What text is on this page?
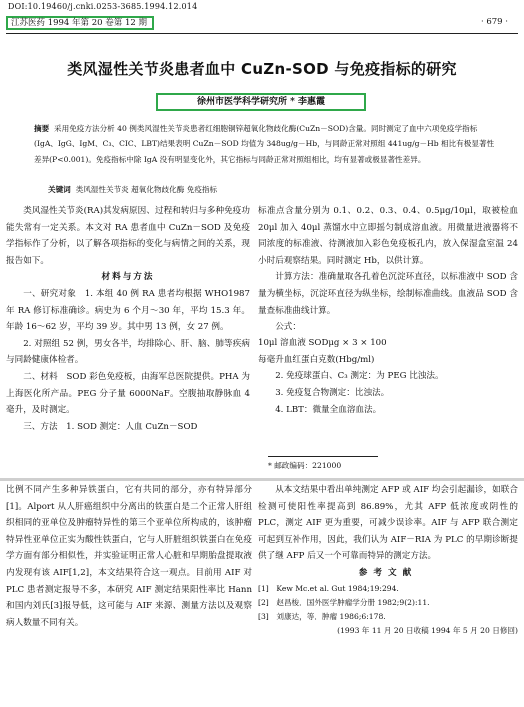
DOI:10.19460/j.cnki.0253-3685.1994.12.014
江苏医药 1994 年第 20 卷第 12 期	· 679 ·
类风湿性关节炎患者血中 CuZn-SOD 与免疫指标的研究
徐州市医学科学研究所 * 李惠霞
摘要 采用免疫方法分析 40 例类风湿性关节炎患者红细胞铜锌超氧化物歧化酶(CuZn－SOD)含量。同时测定了血中六项免疫学指标(IgA、IgG、IgM、C₃、CIC、LBT)结果表明 CuZn－SOD 均值为 348ug/g－Hb，与同龄正常对照组 441ug/g－Hb 相比有极显著性差异(P<0.001)。免疫指标中除 IgA 没有明显变化外，其它指标与同龄正常对照组相比，均有显著或极显著性差异。
关键词 类风湿性关节炎 超氧化物歧化酶 免疫指标

类风湿性关节炎(RA)其发病原因、过程和转归与多种免疫功能失常有一定关系。本文对 RA 患者血中 CuZn－SOD 及免疫学指标作了分析，以了解各项指标的变化与病情之间的关系，现报告如下。

材料与方法

一、研究对象　1. 本组 40 例 RA 患者均根据 WHO1987 年 RA 修订标准确诊。病史为 6 个月～30 年，平均 15.3 年。年龄 16～62 岁，平均 39 岁。其中男 13 例，女 27 例。

2. 对照组 52 例，男女各半，均排除心、肝、脑、肺等疾病与同龄健康体检者。

二、材料　SOD 彩色免疫板，由海军总医院提供。PHA 为上海医化所产品。PEG 分子量 6000NaF。空腹抽取静脉血 4 毫升，及时测定。

三、方法　1. SOD 测定：人血 CuZn－SOD

标准点含量分别为 0.1、0.2、0.3、0.4、0.5μg/10μl，取被检血 20μl 加入 40μl 蒸馏水中立即摇匀制成溶血液。用微量进液器将不同浓度的标准液、待测液加入彩色免疫板孔内，放入保湿盒室温 24 小时后观察结果。同时测定 Hb，以供计算。

计算方法：准确量取各孔着色沉淀环直径，以标准液中 SOD 含量为横坐标，沉淀环直径为纵坐标，绘制标准曲线。血液品 SOD 含量查标准曲线计算。

公式：

10μl 溶血液 SODμg × 3 × 100
每毫升血红蛋白克数(Hbg/ml)

2. 免疫球蛋白、C₃ 测定：为 PEG 比浊法。

3. 免疫复合物测定：比浊法。

4. LBT：微量全血溶血法。

* 邮政编码：221000

比例不同产生多种异铁蛋白，它有共同的部分，亦有特异部分[1]。Alport 从人肝癌组织中分离出的铁蛋白是二个正常人肝组织相同的亚单位及肿瘤特异性的第三个亚单位所构成的，该肿瘤特异性亚单位正实为酸性铁蛋白，它与人肝脏组织铁蛋白在免疫学方面有部分相似性，并实验证明正常人心脏和早期胎盘提取液内发现有该 AIF[1,2]，本文结果符合这一观点。目前用 AIF 对 PLC 患者测定报导不多，本研究 AIF 测定结果阳性率比 Hann 和国内刘氏[3]报导低，这可能与 AIF 来源、测量方法以及观察病人数量不同有关。

从本文结果中看出单纯测定 AFP 或 AIF 均会引起漏诊，如联合检测可使阳性率提高到 86.89%，尤其 AFP 低浓度或阴性的 PLC，测定 AIF 更为重要，可减少误诊率。AIF 与 AFP 联合测定可起到互补作用，因此，我们认为 AIF－RIA 为 PLC 的早期诊断提供了继 AFP 后又一个可靠而特异的测定方法。

参考文献

[1]　Kew Mc.et al. Gut 1984;19:294.

[2]　赵昌梭．国外医学肿瘤学分册 1982;9(2):11.

[3]　刘康达，等．肿瘤 1986;6:178.

(1993 年 11 月 20 日收稿 1994 年 5 月 20 日修回)
